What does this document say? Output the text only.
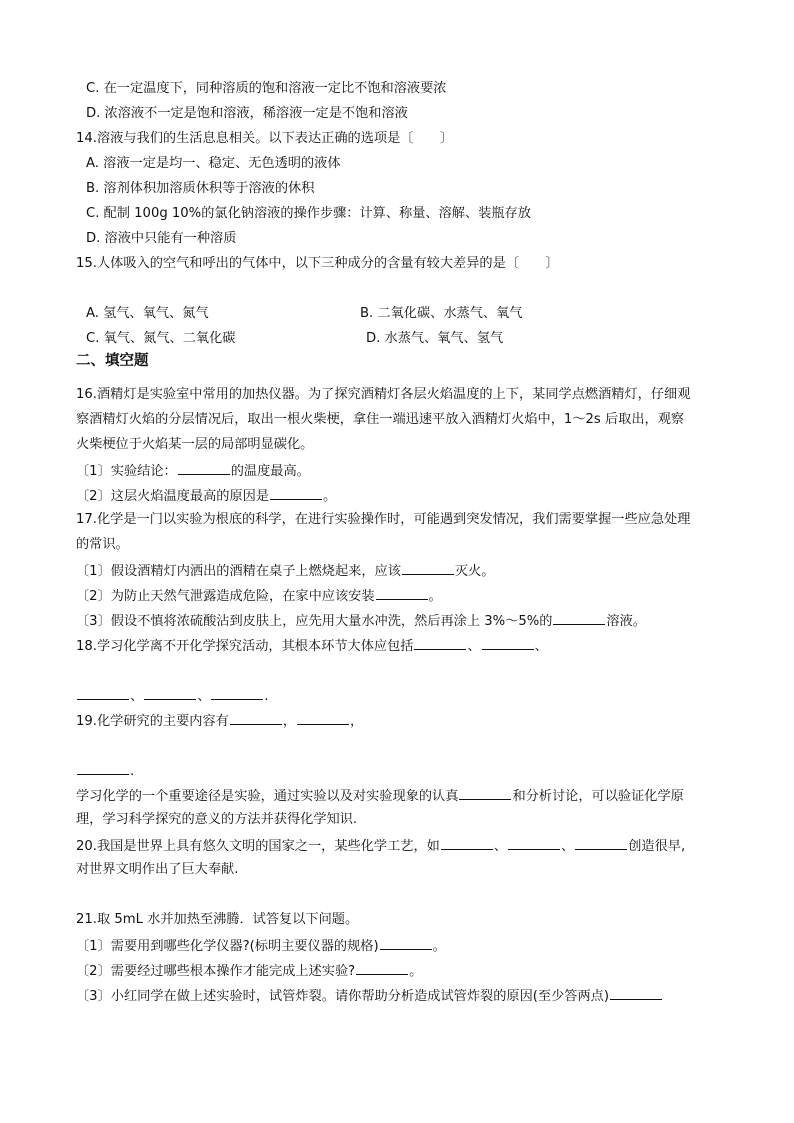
C. 在一定温度下，同种溶质的饱和溶液一定比不饱和溶液要浓
D. 浓溶液不一定是饱和溶液，稀溶液一定是不饱和溶液
14.溶液与我们的生活息息相关。以下表达正确的选项是〔　　〕
A. 溶液一定是均一、稳定、无色透明的液体
B. 溶剂体积加溶质休积等于溶液的休积
C. 配制 100g 10%的氯化钠溶液的操作步骤：计算、称量、溶解、装瓶存放
D. 溶液中只能有一种溶质
15.人体吸入的空气和呼出的气体中，以下三种成分的含量有较大差异的是〔　　〕
A. 氢气、氧气、氮气	B. 二氧化碳、水蒸气、氧气
C. 氧气、氮气、二氧化碳	D. 水蒸气、氧气、氢气
二、填空题
16.酒精灯是实验室中常用的加热仪器。为了探究酒精灯各层火焰温度的上下，某同学点燃酒精灯，仔细观
察酒精灯火焰的分层情况后，取出一根火柴梗，拿住一端迅速平放入酒精灯火焰中，1～2s 后取出，观察
火柴梗位于火焰某一层的局部明显碳化。
〔1〕实验结论：	的温度最高。
〔2〕这层火焰温度最高的原因是	。
17.化学是一门以实验为根底的科学，在进行实验操作时，可能遇到突发情况，我们需要掌握一些应急处理
的常识。
〔1〕假设酒精灯内洒出的酒精在桌子上燃烧起来，应该	灭火。
〔2〕为防止天然气泄露造成危险，在家中应该安装	。
〔3〕假设不慎将浓硫酸沾到皮肤上，应先用大量水冲洗，然后再涂上 3%～5%的	溶液。
18.学习化学离不开化学探究活动，其根本环节大体应包括	、	、
、	、	.
19.化学研究的主要内容有	，	，
.
学习化学的一个重要途径是实验，通过实验以及对实验现象的认真	和分析讨论，可以验证化学原
理，学习科学探究的意义的方法并获得化学知识.
20.我国是世界上具有悠久文明的国家之一，某些化学工艺，如	、	、	创造很早,
对世界文明作出了巨大奉献.
21.取 5mL 水并加热至沸腾．试答复以下问题。
〔1〕需要用到哪些化学仪器?(标明主要仪器的规格)	。
〔2〕需要经过哪些根本操作才能完成上述实验?	。
〔3〕小红同学在做上述实验时，试管炸裂。请你帮助分析造成试管炸裂的原因(至少答两点)
